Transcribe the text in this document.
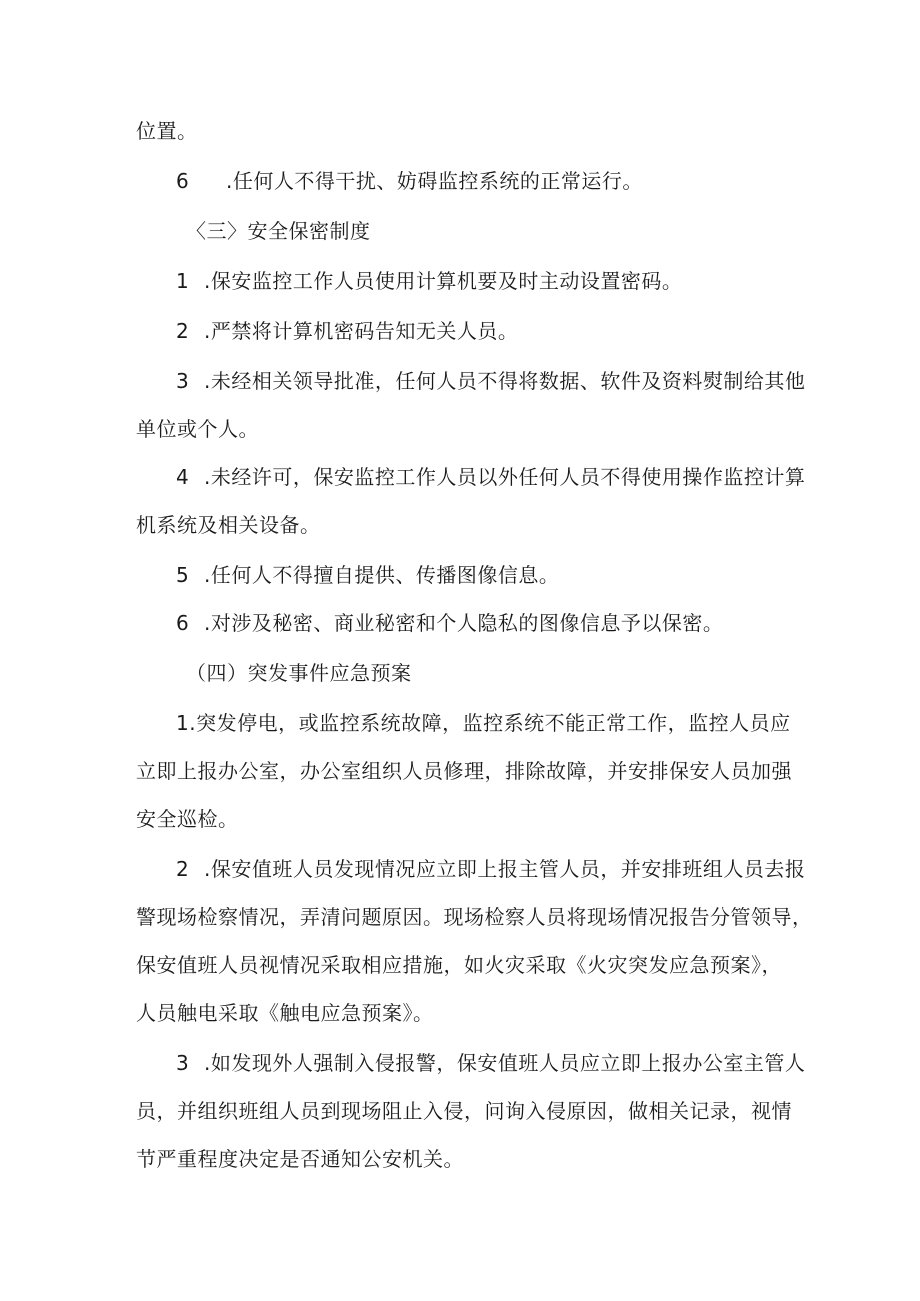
位置。
6 .任何人不得干扰、妨碍监控系统的正常运行。
〈三〉安全保密制度
1 .保安监控工作人员使用计算机要及时主动设置密码。
2 .严禁将计算机密码告知无关人员。
3 .未经相关领导批准，任何人员不得将数据、软件及资料熨制给其他
单位或个人。
4 .未经许可，保安监控工作人员以外任何人员不得使用操作监控计算
机系统及相关设备。
5 .任何人不得擅自提供、传播图像信息。
6 .对涉及秘密、商业秘密和个人隐私的图像信息予以保密。
（四）突发事件应急预案
1.突发停电，或监控系统故障，监控系统不能正常工作，监控人员应
立即上报办公室，办公室组织人员修理，排除故障，并安排保安人员加强
安全巡检。
2 .保安值班人员发现情况应立即上报主管人员，并安排班组人员去报
警现场检察情况，弄清问题原因。现场检察人员将现场情况报告分管领导，
保安值班人员视情况采取相应措施，如火灾采取《火灾突发应急预案》，
人员触电采取《触电应急预案》。
3 .如发现外人强制入侵报警，保安值班人员应立即上报办公室主管人
员，并组织班组人员到现场阻止入侵，问询入侵原因，做相关记录，视情
节严重程度决定是否通知公安机关。
